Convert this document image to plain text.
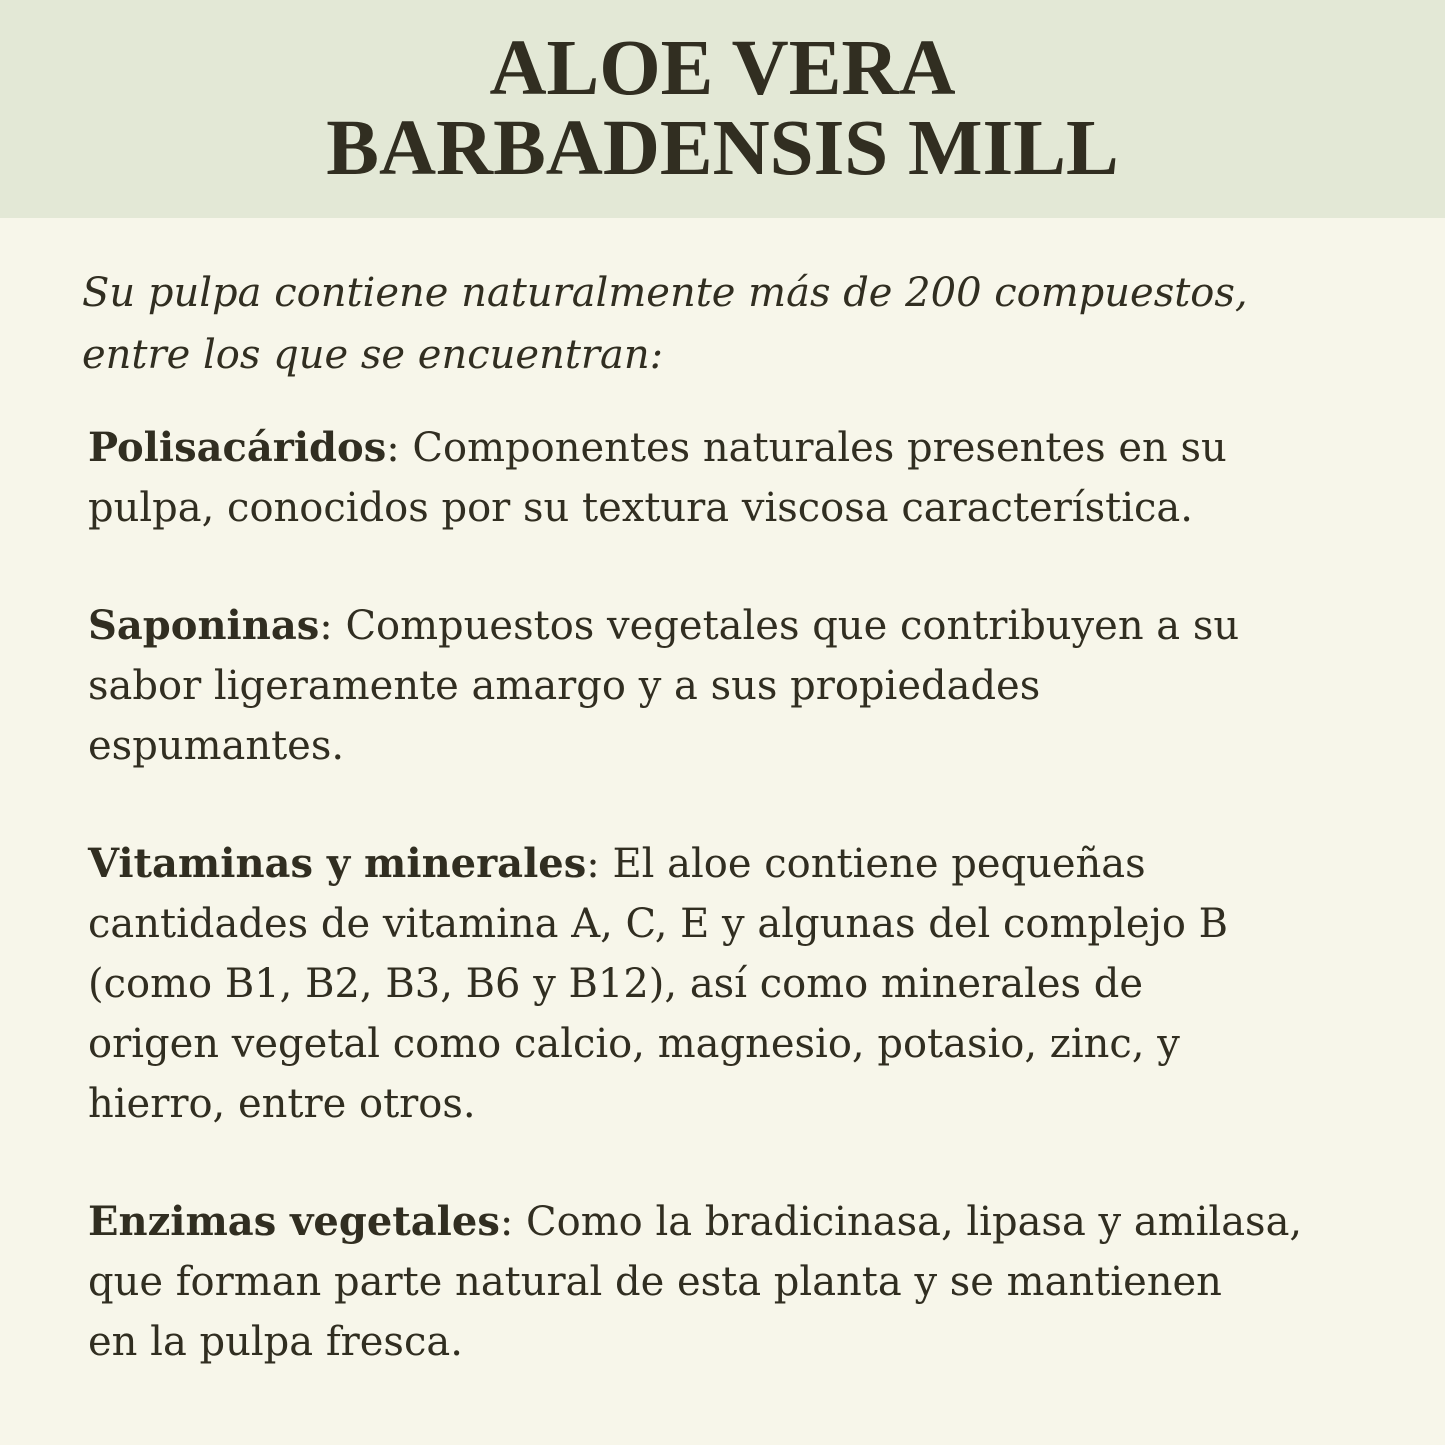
ALOE VERA
BARBADENSIS MILL
Su pulpa contiene naturalmente más de 200 compuestos,
entre los que se encuentran:
Polisacáridos: Componentes naturales presentes en su
pulpa, conocidos por su textura viscosa característica.
Saponinas: Compuestos vegetales que contribuyen a su
sabor ligeramente amargo y a sus propiedades
espumantes.
Vitaminas y minerales: El aloe contiene pequeñas
cantidades de vitamina A, C, E y algunas del complejo B
(como B1, B2, B3, B6 y B12), así como minerales de
origen vegetal como calcio, magnesio, potasio, zinc, y
hierro, entre otros.
Enzimas vegetales: Como la bradicinasa, lipasa y amilasa,
que forman parte natural de esta planta y se mantienen
en la pulpa fresca.
